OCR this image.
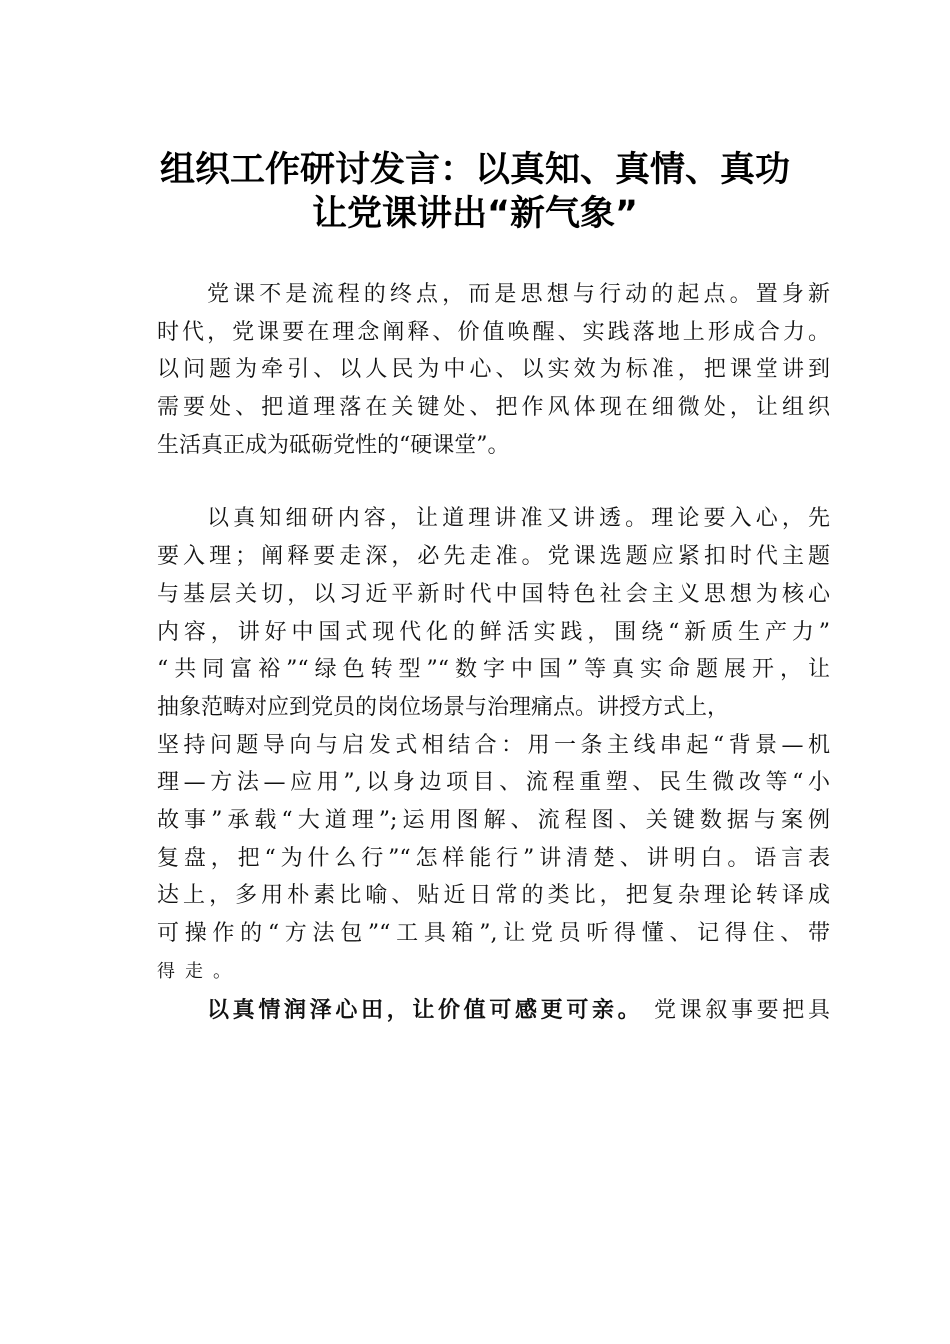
组织工作研讨发言：以真知、真情、真功
让党课讲出“新气象”
党课不是流程的终点，而是思想与行动的起点。置身新
时代，党课要在理念阐释、价值唤醒、实践落地上形成合力。
以问题为牵引、以人民为中心、以实效为标准，把课堂讲到
需要处、把道理落在关键处、把作风体现在细微处，让组织
生活真正成为砥砺党性的“硬课堂”。
以真知细研内容，让道理讲准又讲透。理论要入心，先
要入理；阐释要走深，必先走准。党课选题应紧扣时代主题
与基层关切，以习近平新时代中国特色社会主义思想为核心
内容，讲好中国式现代化的鲜活实践，围绕“新质生产力”
“共同富裕”“绿色转型”“数字中国”等真实命题展开，让
抽象范畴对应到党员的岗位场景与治理痛点。讲授方式上，
坚持问题导向与启发式相结合：用一条主线串起“背景—机
理—方法—应用”,以身边项目、流程重塑、民生微改等“小
故事”承载“大道理”;运用图解、流程图、关键数据与案例
复盘，把“为什么行”“怎样能行”讲清楚、讲明白。语言表
达上，多用朴素比喻、贴近日常的类比，把复杂理论转译成
可操作的“方法包”“工具箱”,让党员听得懂、记得住、带
得走。
以真情润泽心田，让价值可感更可亲。 党课叙事要把具
